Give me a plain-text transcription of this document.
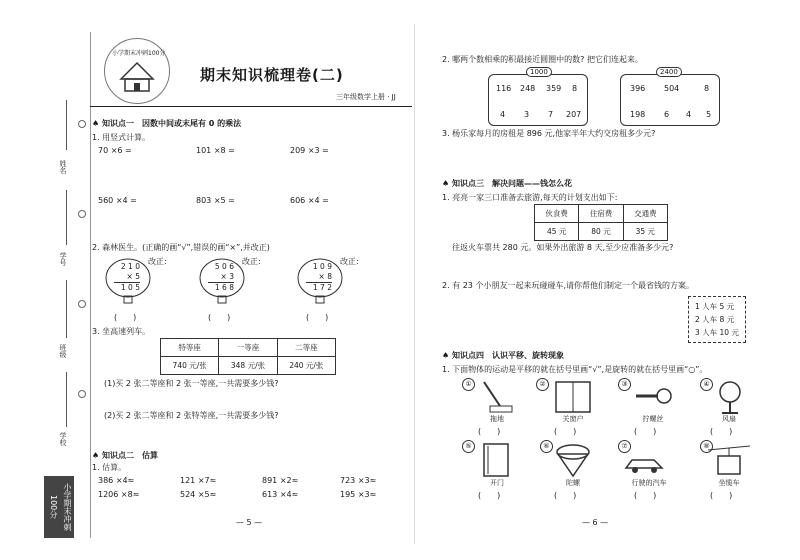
姓名
学号
班级
学校
小学期末冲刺100分
小学期末冲刺100分
期末知识梳理卷(二)
三年级数学上册 · JJ
♠ 知识点一　因数中间或末尾有 0 的乘法
1. 用竖式计算。
70 ×6 =	101 ×8 =	209 ×3 =
560 ×4 =	803 ×5 =	606 ×4 =
2. 森林医生。(正确的画“√”,错误的画“×”,并改正)
2 1 0
× 5
1 0 5
改正:
(　　)
5 0 6
× 3
1 6 8
改正:
(　　)
1 0 9
× 8
1 7 2
改正:
(　　)
3. 坐高速列车。
特等座	一等座	二等座
740 元/张	348 元/张	240 元/张
(1)买 2 张二等座和 2 张一等座,一共需要多少钱?
(2)买 2 张二等座和 2 张特等座,一共需要多少钱?
♠ 知识点二　估算
1. 估算。
386 ×4≈	121 ×7≈	891 ×2≈	723 ×3≈
1206 ×8≈	524 ×5≈	613 ×4≈	195 ×3≈
— 5 —
2. 哪两个数相乘的积最接近圆圈中的数? 把它们连起来。
1000
116 248 359 8
4 3 7 207
2400
396 504	8
198 6 4 5
3. 杨乐家每月的房租是 896 元,他家半年大约交房租多少元?
♠ 知识点三　解决问题——钱怎么花
1. 亮亮一家三口准备去旅游,每天的计划支出如下:
伙食费	住宿费	交通费
45 元	80 元	35 元
往返火车票共 280 元。如果外出旅游 8 天,至少应准备多少元?
2. 有 23 个小朋友一起来玩碰碰车,请你帮他们制定一个最省钱的方案。
1 人车 5 元
2 人车 8 元
3 人车 10 元
♠ 知识点四　认识平移、旋转现象
1. 下面物体的运动是平移的就在括号里画“√”,是旋转的就在括号里画“○”。
①
拖地
(　　)
②
关窗户
(　　)
③
拧螺丝
(　　)
④
风扇
(　　)
⑤
开门
(　　)
⑥
陀螺
(　　)
⑦
行驶的汽车
(　　)
⑧
坐缆车
(　　)
— 6 —
